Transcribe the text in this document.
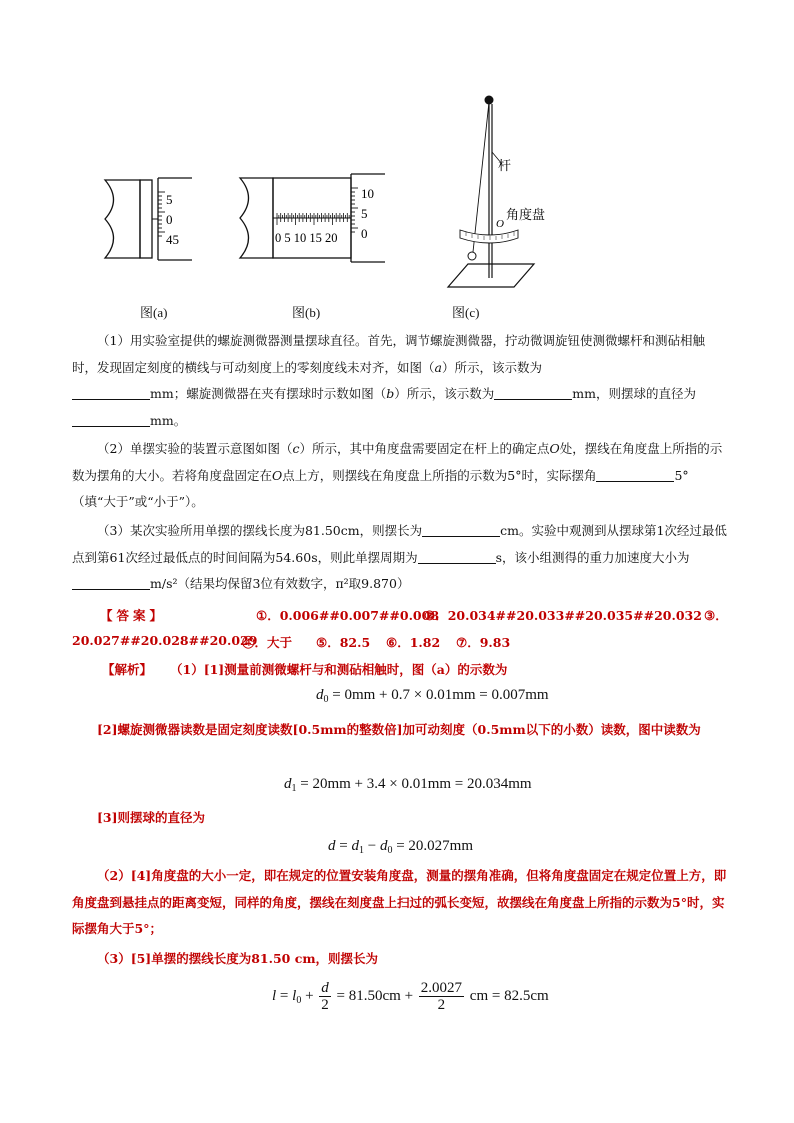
5
0
45
图(a)
0 5 10 15 20
10
5
0
图(b)
杆
O
角度盘
图(c)

（1）用实验室提供的螺旋测微器测量摆球直径。首先，调节螺旋测微器，拧动微调旋钮使测微螺杆和测砧相触时，发现固定刻度的横线与可动刻度上的零刻度线未对齐，如图（a）所示，该示数为
mm；螺旋测微器在夹有摆球时示数如图（b）所示，该示数为	mm，则摆球的直径为mm。

（2）单摆实验的装置示意图如图（c）所示，其中角度盘需要固定在杆上的确定点O处，摆线在角度盘上所指的示数为摆角的大小。若将角度盘固定在O点上方，则摆线在角度盘上所指的示数为5°时，实际摆角	5°（填“大于”或“小于”）。

（3）某次实验所用单摆的摆线长度为81.50cm，则摆长为	cm。实验中观测到从摆球第1次经过最低点到第61次经过最低点的时间间隔为54.60s，则此单摆周期为	s，该小组测得的重力加速度大小为m/s²（结果均保留3位有效数字，π²取9.870）

【答案】	①．0.006##0.007##0.008
②．20.034##20.033##20.035##20.032 ③．
20.027##20.028##20.029
④．大于 ⑤．82.5 ⑥．1.82 ⑦．9.83
【解析】 （1）[1]测量前测微螺杆与和测砧相触时，图（a）的示数为
$d_0 = 0mm + 0.7 \times 0.01mm = 0.007mm$

[2]螺旋测微器读数是固定刻度读数[0.5mm的整数倍]加可动刻度（0.5mm以下的小数）读数，图中读数为

$d_1 = 20mm + 3.4 \times 0.01mm = 20.034mm$

[3]则摆球的直径为

$d = d_1 - d_0 = 20.027mm$

（2）[4]角度盘的大小一定，即在规定的位置安装角度盘，测量的摆角准确，但将角度盘固定在规定位置上方，即角度盘到悬挂点的距离变短，同样的角度，摆线在刻度盘上扫过的弧长变短，故摆线在角度盘上所指的示数为5°时，实际摆角大于5°；

（3）[5]单摆的摆线长度为81.50 cm，则摆长为

$l = l_0 + \frac{d}{2} = 81.50cm + \frac{2.0027}{2}$ cm = 82.5cm
